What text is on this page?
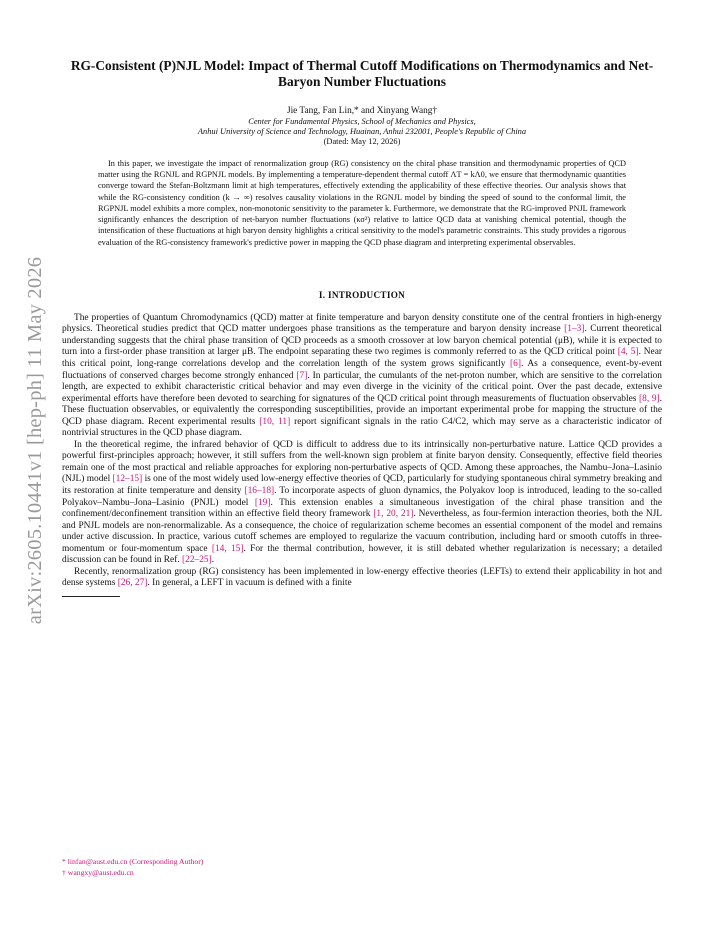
arXiv:2605.10441v1 [hep-ph] 11 May 2026
RG-Consistent (P)NJL Model: Impact of Thermal Cutoff Modifications on Thermodynamics and Net-Baryon Number Fluctuations
Jie Tang, Fan Lin,* and Xinyang Wang†
Center for Fundamental Physics, School of Mechanics and Physics,
Anhui University of Science and Technology, Huainan, Anhui 232001, People's Republic of China
(Dated: May 12, 2026)
In this paper, we investigate the impact of renormalization group (RG) consistency on the chiral phase transition and thermodynamic properties of QCD matter using the RGNJL and RGPNJL models. By implementing a temperature-dependent thermal cutoff ΛT = kΛ0, we ensure that thermodynamic quantities converge toward the Stefan-Boltzmann limit at high temperatures, effectively extending the applicability of these effective theories. Our analysis shows that while the RG-consistency condition (k → ∞) resolves causality violations in the RGNJL model by binding the speed of sound to the conformal limit, the RGPNJL model exhibits a more complex, non-monotonic sensitivity to the parameter k. Furthermore, we demonstrate that the RG-improved PNJL framework significantly enhances the description of net-baryon number fluctuations (κσ²) relative to lattice QCD data at vanishing chemical potential, though the intensification of these fluctuations at high baryon density highlights a critical sensitivity to the model's parametric constraints. This study provides a rigorous evaluation of the RG-consistency framework's predictive power in mapping the QCD phase diagram and interpreting experimental observables.
I. INTRODUCTION

The properties of Quantum Chromodynamics (QCD) matter at finite temperature and baryon density constitute one of the central frontiers in high-energy physics. Theoretical studies predict that QCD matter undergoes phase transitions as the temperature and baryon density increase [1–3]. Current theoretical understanding suggests that the chiral phase transition of QCD proceeds as a smooth crossover at low baryon chemical potential (μB), while it is expected to turn into a first-order phase transition at larger μB. The endpoint separating these two regimes is commonly referred to as the QCD critical point [4, 5]. Near this critical point, long-range correlations develop and the correlation length of the system grows significantly [6]. As a consequence, event-by-event fluctuations of conserved charges become strongly enhanced [7]. In particular, the cumulants of the net-proton number, which are sensitive to the correlation length, are expected to exhibit characteristic critical behavior and may even diverge in the vicinity of the critical point. Over the past decade, extensive experimental efforts have therefore been devoted to searching for signatures of the QCD critical point through measurements of fluctuation observables [8, 9]. These fluctuation observables, or equivalently the corresponding susceptibilities, provide an important experimental probe for mapping the structure of the QCD phase diagram. Recent experimental results [10, 11] report significant signals in the ratio C4/C2, which may serve as a characteristic indicator of nontrivial structures in the QCD phase diagram.

In the theoretical regime, the infrared behavior of QCD is difficult to address due to its intrinsically non-perturbative nature. Lattice QCD provides a powerful first-principles approach; however, it still suffers from the well-known sign problem at finite baryon density. Consequently, effective field theories remain one of the most practical and reliable approaches for exploring non-perturbative aspects of QCD. Among these approaches, the Nambu–Jona–Lasinio (NJL) model [12–15] is one of the most widely used low-energy effective theories of QCD, particularly for studying spontaneous chiral symmetry breaking and its restoration at finite temperature and density [16–18]. To incorporate aspects of gluon dynamics, the Polyakov loop is introduced, leading to the so-called Polyakov–Nambu–Jona–Lasinio (PNJL) model [19]. This extension enables a simultaneous investigation of the chiral phase transition and the confinement/deconfinement transition within an effective field theory framework [1, 20, 21]. Nevertheless, as four-fermion interaction theories, both the NJL and PNJL models are non-renormalizable. As a consequence, the choice of regularization scheme becomes an essential component of the model and remains under active discussion. In practice, various cutoff schemes are employed to regularize the vacuum contribution, including hard or smooth cutoffs in three-momentum or four-momentum space [14, 15]. For the thermal contribution, however, it is still debated whether regularization is necessary; a detailed discussion can be found in Ref. [22–25].

Recently, renormalization group (RG) consistency has been implemented in low-energy effective theories (LEFTs) to extend their applicability in hot and dense systems [26, 27]. In general, a LEFT in vacuum is defined with a finite

* linfan@aust.edu.cn (Corresponding Author)
† wangxy@aust.edu.cn
